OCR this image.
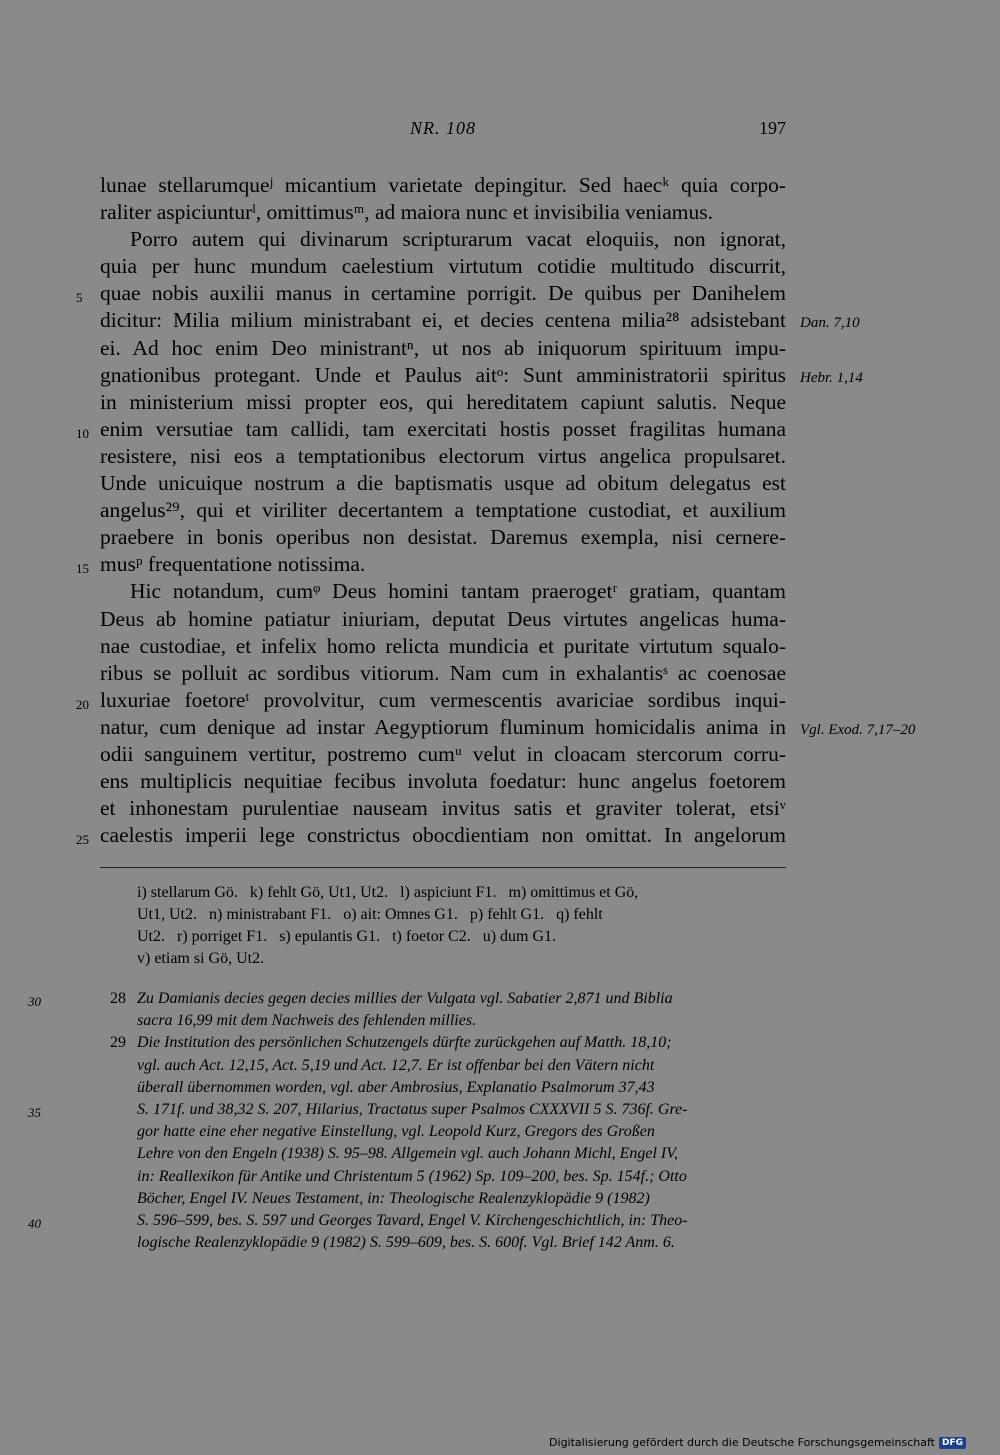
NR. 108	197
lunae stellarumqueʲ micantium varietate depingitur. Sed haecᵏ quia corpo-
raliter aspiciunturˡ, omittimusᵐ, ad maiora nunc et invisibilia veniamus.
Porro autem qui divinarum scripturarum vacat eloquiis, non ignorat,
quia per hunc mundum caelestium virtutum cotidie multitudo discurrit,
quae nobis auxilii manus in certamine porrigit. De quibus per Danihelem
5
dicitur: Milia milium ministrabant ei, et decies centena milia²⁸ adsistebant Dan. 7,10
ei. Ad hoc enim Deo ministrantⁿ, ut nos ab iniquorum spirituum impu-
gnationibus protegant. Unde et Paulus aitᵒ: Sunt amministratorii spiritus Hebr. 1,14
in ministerium missi propter eos, qui hereditatem capiunt salutis. Neque
enim versutiae tam callidi, tam exercitati hostis posset fragilitas humana
10
resistere, nisi eos a temptationibus electorum virtus angelica propulsaret.
Unde unicuique nostrum a die baptismatis usque ad obitum delegatus est
angelus²⁹, qui et viriliter decertantem a temptatione custodiat, et auxilium
praebere in bonis operibus non desistat. Daremus exempla, nisi cernere-
musᵖ frequentatione notissima.
15
Hic notandum, cumᵠ Deus homini tantam praerogetʳ gratiam, quantam
Deus ab homine patiatur iniuriam, deputat Deus virtutes angelicas huma-
nae custodiae, et infelix homo relicta mundicia et puritate virtutum squalo-
ribus se polluit ac sordibus vitiorum. Nam cum in exhalantisˢ ac coenosae
luxuriae foetoreᵗ provolvitur, cum vermescentis avariciae sordibus inqui-
20
natur, cum denique ad instar Aegyptiorum fluminum homicidalis anima in Vgl. Exod. 7,17–20
odii sanguinem vertitur, postremo cumᵘ velut in cloacam stercorum corru-
ens multiplicis nequitiae fecibus involuta foedatur: hunc angelus foetorem
et inhonestam purulentiae nauseam invitus satis et graviter tolerat, etsiᵛ
caelestis imperii lege constrictus obocdientiam non omittat. In angelorum
25
i) stellarum Gö.   k) fehlt Gö, Ut1, Ut2.   l) aspiciunt F1.   m) omittimus et Gö,
Ut1, Ut2.   n) ministrabant F1.   o) ait: Omnes G1.   p) fehlt G1.   q) fehlt
Ut2.   r) porriget F1.   s) epulantis G1.   t) foetor C2.   u) dum G1.
v) etiam si Gö, Ut2.
28
30	Zu Damianis decies gegen decies millies der Vulgata vgl. Sabatier 2,871 und Biblia
sacra 16,99 mit dem Nachweis des fehlenden millies.
29 Die Institution des persönlichen Schutzengels dürfte zurückgehen auf Matth. 18,10;
vgl. auch Act. 12,15, Act. 5,19 und Act. 12,7. Er ist offenbar bei den Vätern nicht
überall übernommen worden, vgl. aber Ambrosius, Explanatio Psalmorum 37,43
35	S. 171f. und 38,32 S. 207, Hilarius, Tractatus super Psalmos CXXXVII 5 S. 736f. Gre-
gor hatte eine eher negative Einstellung, vgl. Leopold Kurz, Gregors des Großen
Lehre von den Engeln (1938) S. 95–98. Allgemein vgl. auch Johann Michl, Engel IV,
in: Reallexikon für Antike und Christentum 5 (1962) Sp. 109–200, bes. Sp. 154f.; Otto
Böcher, Engel IV. Neues Testament, in: Theologische Realenzyklopädie 9 (1982)
40	S. 596–599, bes. S. 597 und Georges Tavard, Engel V. Kirchengeschichtlich, in: Theo-
logische Realenzyklopädie 9 (1982) S. 599–609, bes. S. 600f. Vgl. Brief 142 Anm. 6.
Digitalisierung gefördert durch die Deutsche Forschungsgemeinschaft DFG
